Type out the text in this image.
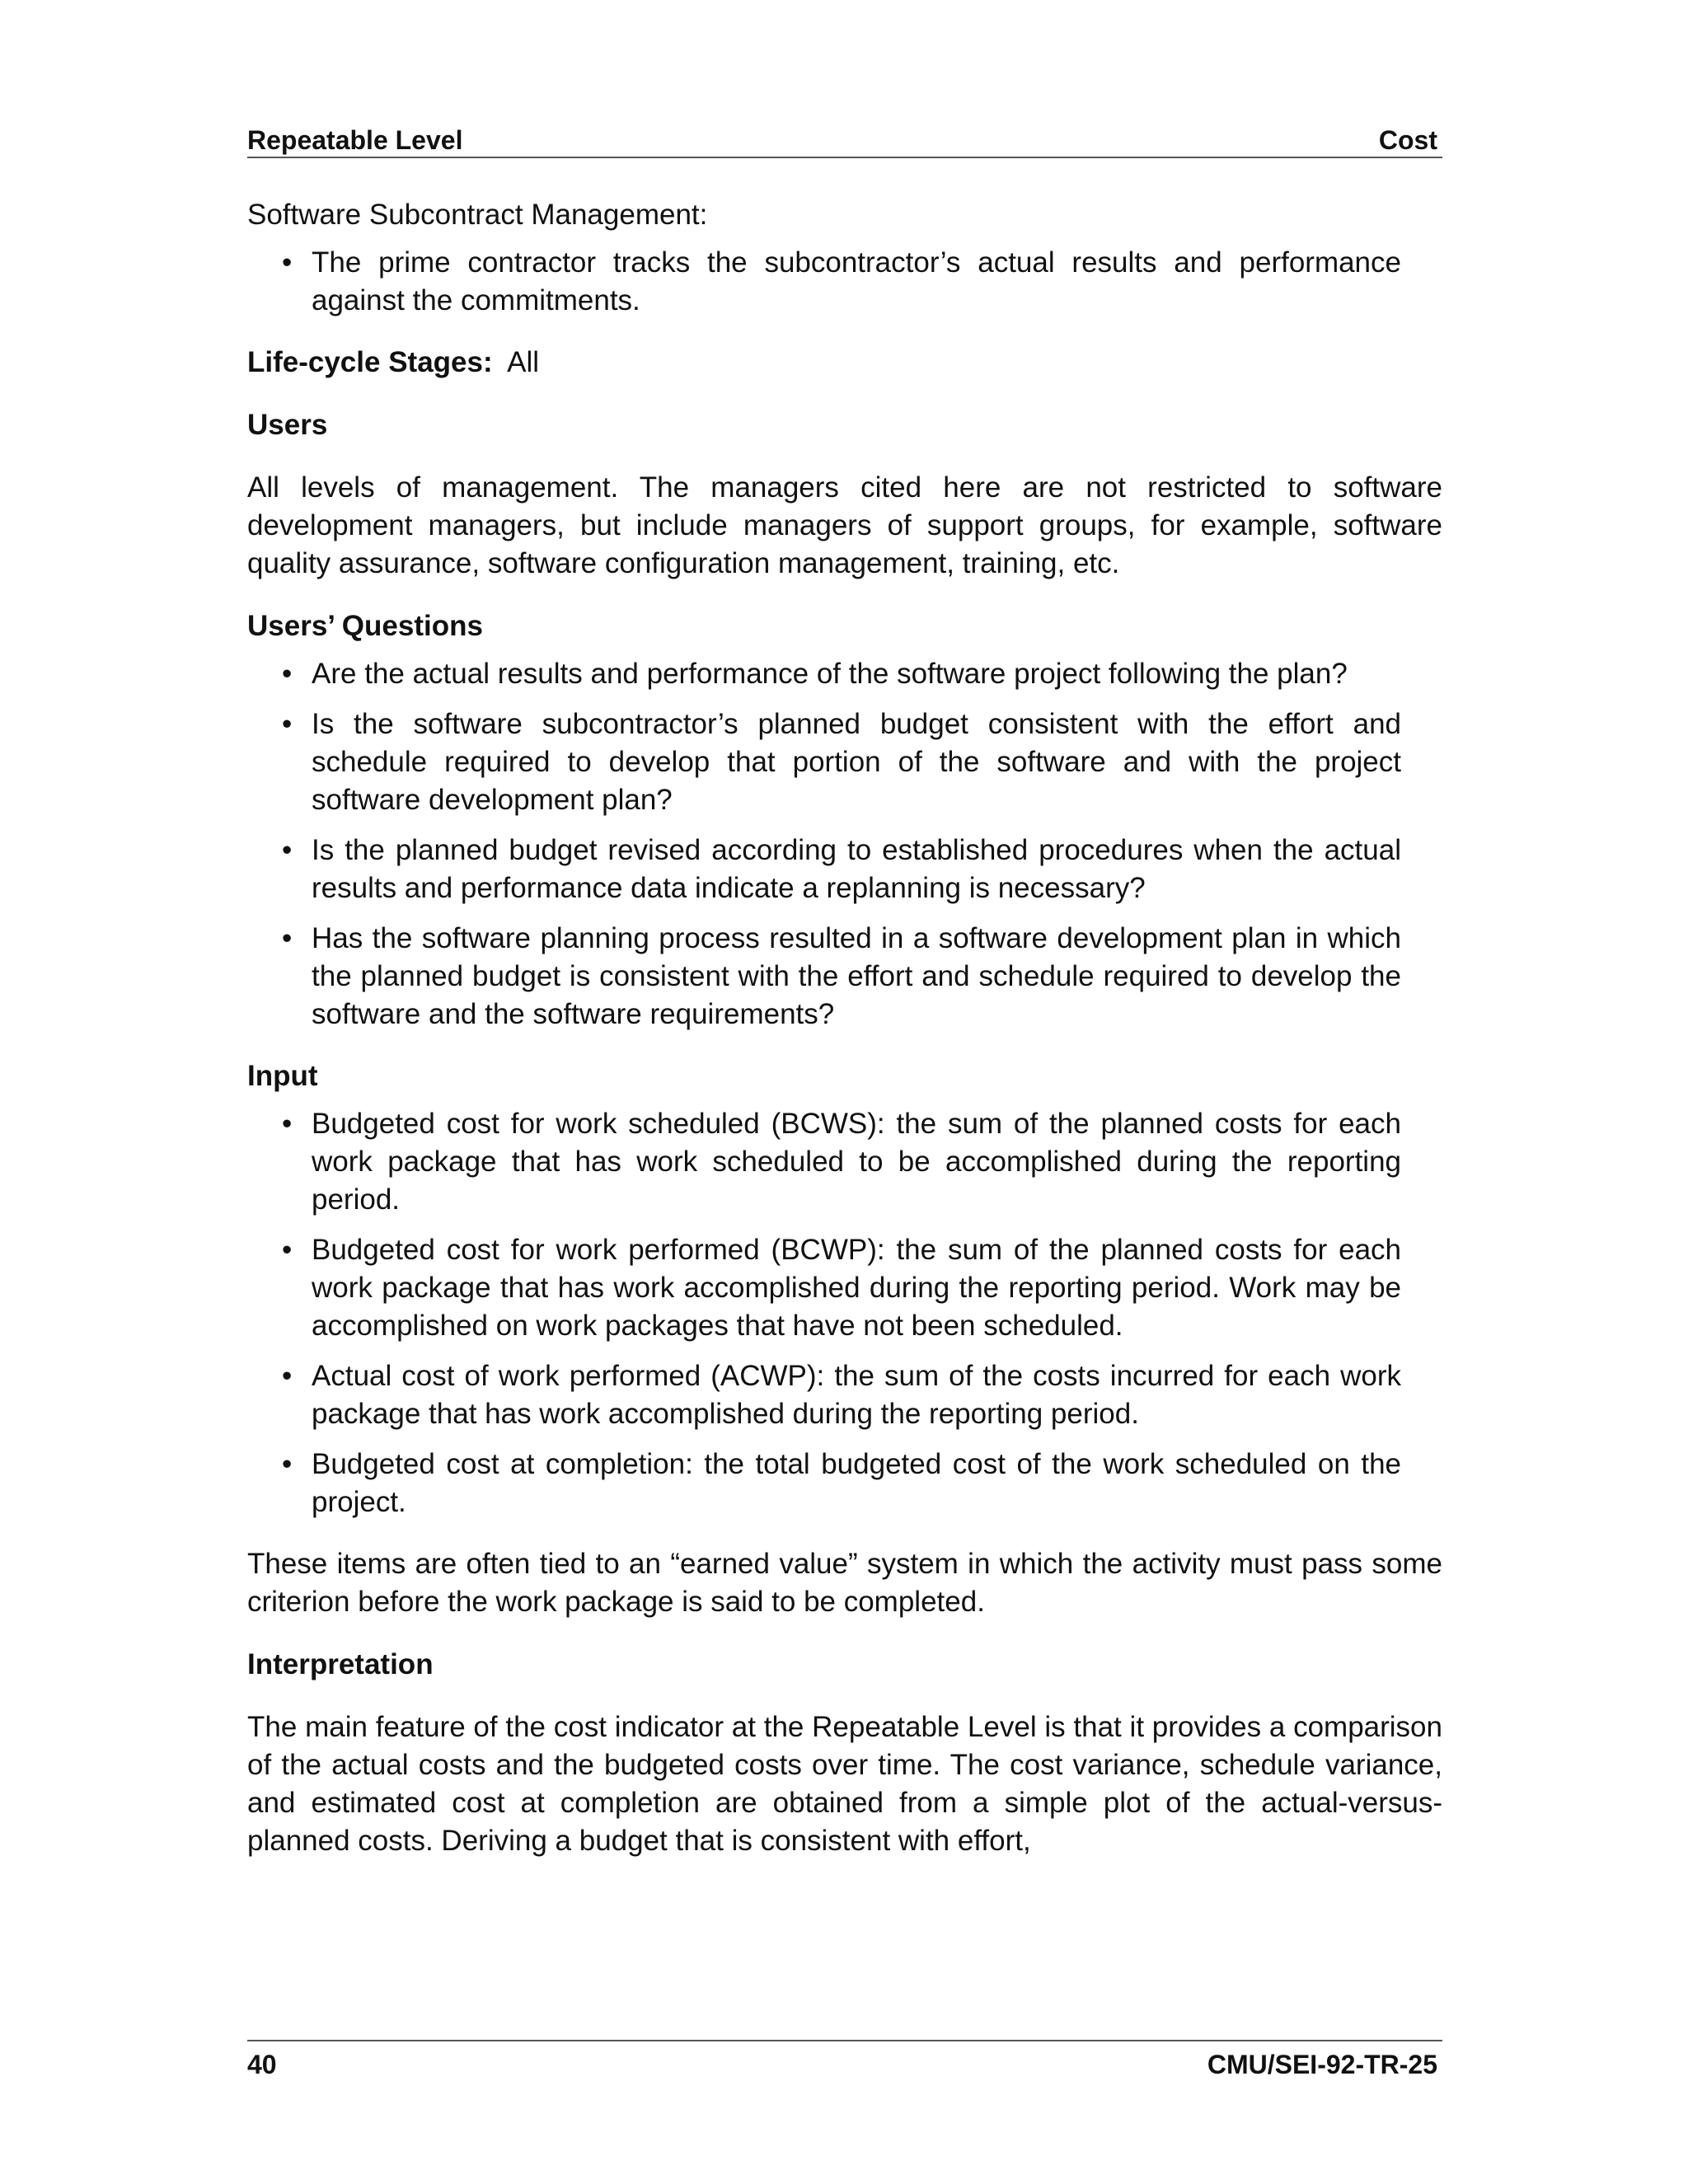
Repeatable Level	Cost

Software Subcontract Management:

• The prime contractor tracks the subcontractor’s actual results and performance against the commitments.

Life-cycle Stages: All

Users

All levels of management. The managers cited here are not restricted to software development managers, but include managers of support groups, for example, software quality assurance, software configuration management, training, etc.

Users’ Questions

• Are the actual results and performance of the software project following the plan?
• Is the software subcontractor’s planned budget consistent with the effort and schedule required to develop that portion of the software and with the project software development plan?
• Is the planned budget revised according to established procedures when the actual results and performance data indicate a replanning is necessary?
• Has the software planning process resulted in a software development plan in which the planned budget is consistent with the effort and schedule required to develop the software and the software requirements?

Input

• Budgeted cost for work scheduled (BCWS): the sum of the planned costs for each work package that has work scheduled to be accomplished during the reporting period.
• Budgeted cost for work performed (BCWP): the sum of the planned costs for each work package that has work accomplished during the reporting period. Work may be accomplished on work packages that have not been scheduled.
• Actual cost of work performed (ACWP): the sum of the costs incurred for each work package that has work accomplished during the reporting period.
• Budgeted cost at completion: the total budgeted cost of the work scheduled on the project.

These items are often tied to an “earned value” system in which the activity must pass some criterion before the work package is said to be completed.

Interpretation

The main feature of the cost indicator at the Repeatable Level is that it provides a comparison of the actual costs and the budgeted costs over time. The cost variance, schedule variance, and estimated cost at completion are obtained from a simple plot of the actual-versus-planned costs. Deriving a budget that is consistent with effort,

40	CMU/SEI-92-TR-25
